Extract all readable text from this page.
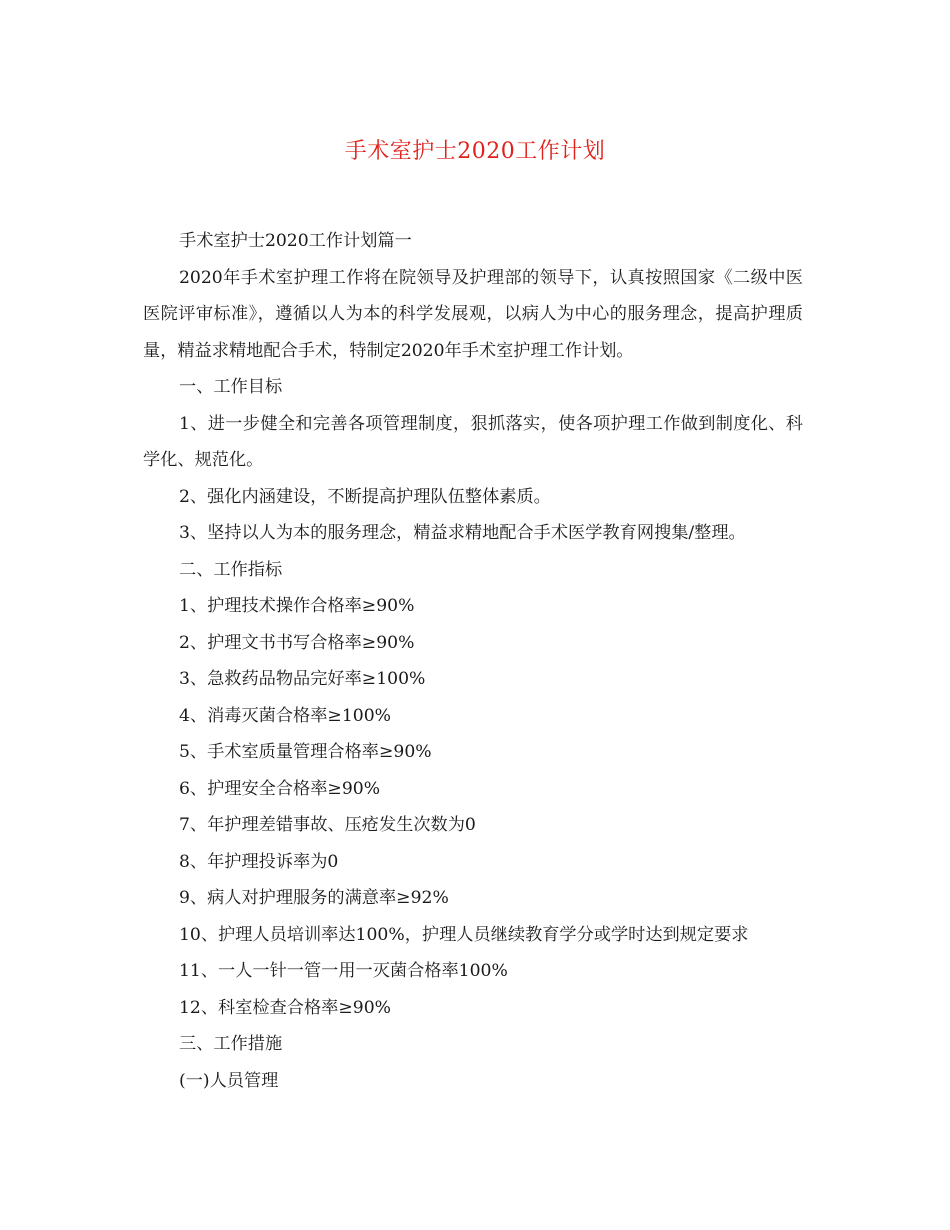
手术室护士2020工作计划

手术室护士2020工作计划篇一

2020年手术室护理工作将在院领导及护理部的领导下，认真按照国家《二级中医医院评审标准》，遵循以人为本的科学发展观，以病人为中心的服务理念，提高护理质量，精益求精地配合手术，特制定2020年手术室护理工作计划。

一、工作目标

1、进一步健全和完善各项管理制度，狠抓落实，使各项护理工作做到制度化、科学化、规范化。

2、强化内涵建设，不断提高护理队伍整体素质。

3、坚持以人为本的服务理念，精益求精地配合手术医学教育网搜集/整理。

二、工作指标

1、护理技术操作合格率≥90%

2、护理文书书写合格率≥90%

3、急救药品物品完好率≥100%

4、消毒灭菌合格率≥100%

5、手术室质量管理合格率≥90%

6、护理安全合格率≥90%

7、年护理差错事故、压疮发生次数为0

8、年护理投诉率为0

9、病人对护理服务的满意率≥92%

10、护理人员培训率达100%，护理人员继续教育学分或学时达到规定要求

11、一人一针一管一用一灭菌合格率100%

12、科室检查合格率≥90%

三、工作措施

(一)人员管理
